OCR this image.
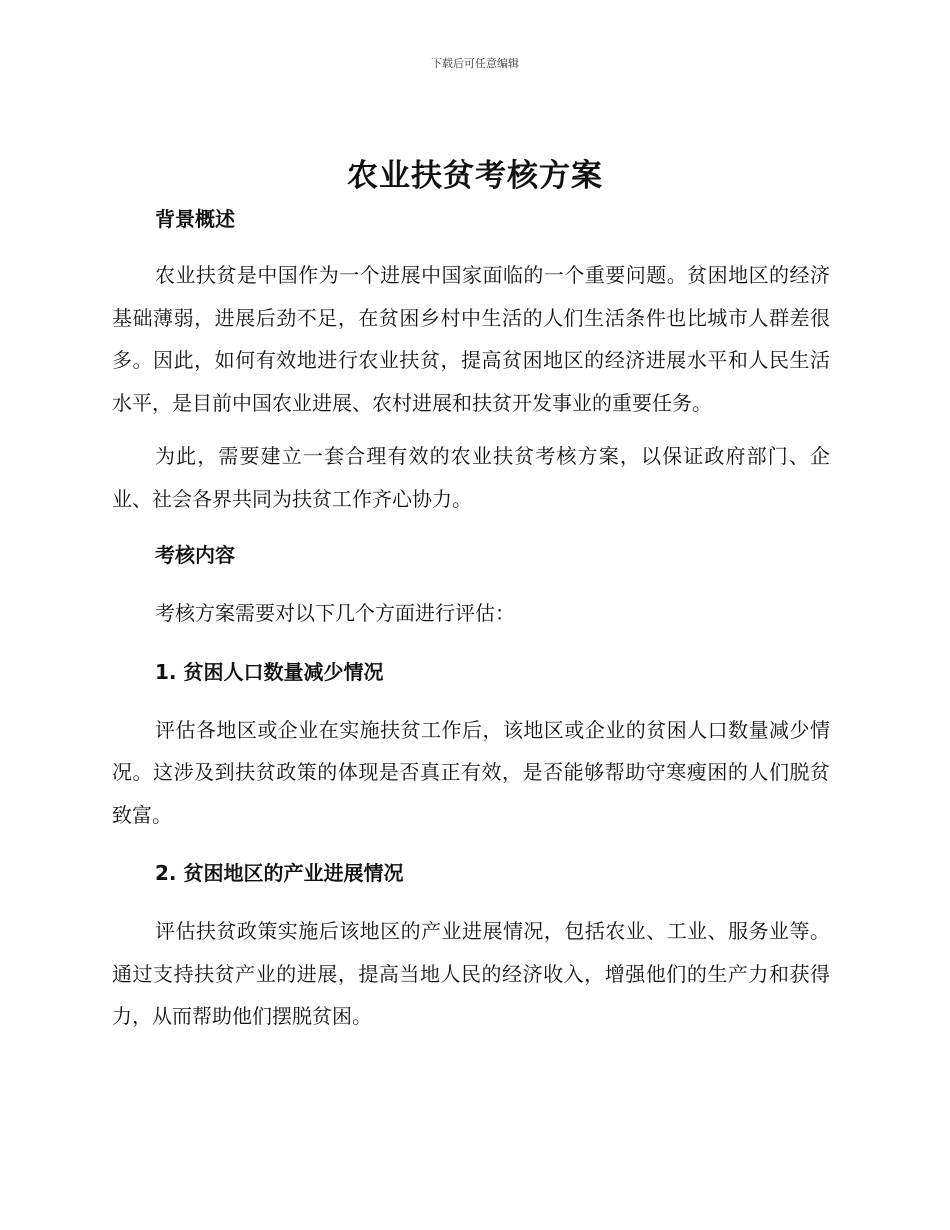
下载后可任意编辑
农业扶贫考核方案

背景概述

农业扶贫是中国作为一个进展中国家面临的一个重要问题。贫困地区的经济基础薄弱，进展后劲不足，在贫困乡村中生活的人们生活条件也比城市人群差很多。因此，如何有效地进行农业扶贫，提高贫困地区的经济进展水平和人民生活水平，是目前中国农业进展、农村进展和扶贫开发事业的重要任务。

为此，需要建立一套合理有效的农业扶贫考核方案，以保证政府部门、企业、社会各界共同为扶贫工作齐心协力。

考核内容

考核方案需要对以下几个方面进行评估：

1. 贫困人口数量减少情况

评估各地区或企业在实施扶贫工作后，该地区或企业的贫困人口数量减少情况。这涉及到扶贫政策的体现是否真正有效，是否能够帮助守寒瘦困的人们脱贫致富。

2. 贫困地区的产业进展情况

评估扶贫政策实施后该地区的产业进展情况，包括农业、工业、服务业等。通过支持扶贫产业的进展，提高当地人民的经济收入，增强他们的生产力和获得力，从而帮助他们摆脱贫困。
